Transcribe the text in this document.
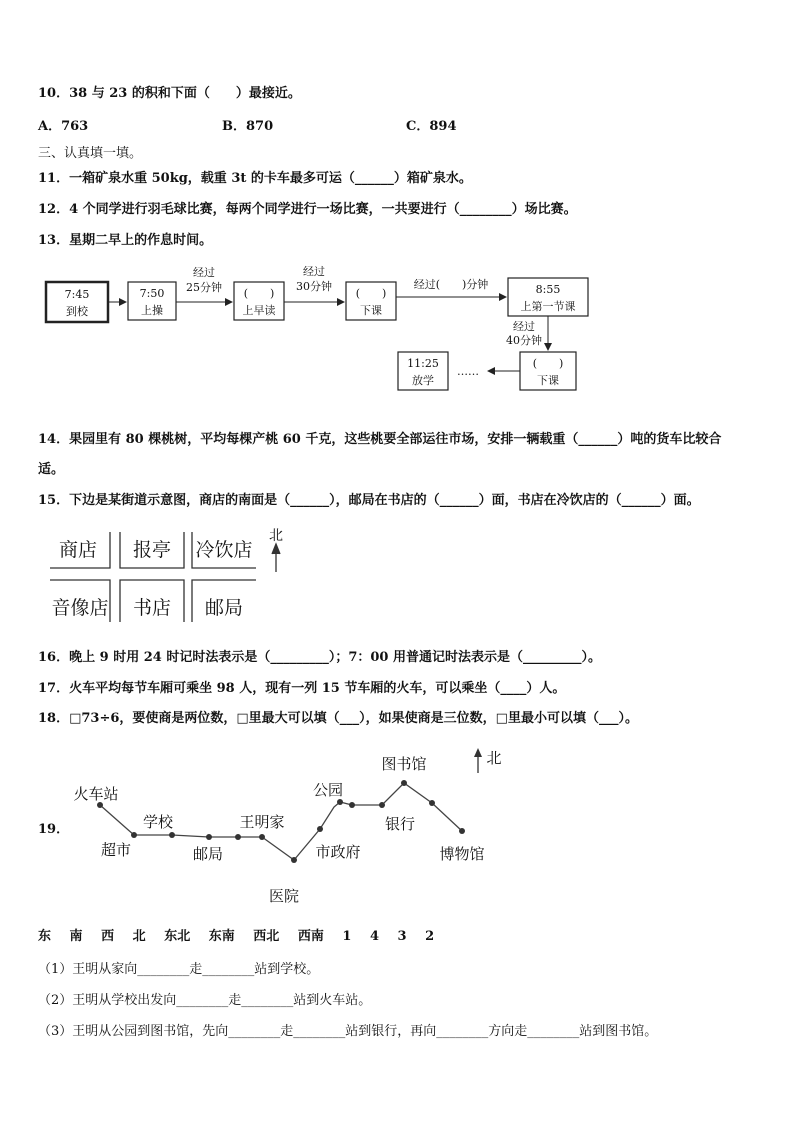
10．38 与 23 的积和下面（　　）最接近。
A．763	B．870	C．894
三、认真填一填。
11．一箱矿泉水重 50kg，载重 3t 的卡车最多可运（______）箱矿泉水。
12．4 个同学进行羽毛球比赛，每两个同学进行一场比赛，一共要进行（________）场比赛。
13．星期二早上的作息时间。
7:45
到校
7:50
上操
经过
25分钟 (　　)
上早读
经过
30分钟
(　　)
下课
经过(　　)分钟	8:55
上第一节课
经过
40分钟
(　　)
下课
……
11:25
放学
14．果园里有 80 棵桃树，平均每棵产桃 60 千克，这些桃要全部运往市场，安排一辆载重（______）吨的货车比较合
适。
15．下边是某街道示意图，商店的南面是（______），邮局在书店的（______）面，书店在冷饮店的（______）面。
商店 报亭 冷饮店
音像店 书店 邮局
北
16．晚上 9 时用 24 时记时法表示是（_________）；7：00 用普通记时法表示是（_________）。
17．火车平均每节车厢可乘坐 98 人，现有一列 15 节车厢的火车，可以乘坐（____）人。
18．□73÷6，要使商是两位数，□里最大可以填（___），如果使商是三位数，□里最小可以填（___）。
19．
北
火车站
学校
超市	邮局
王明家
医院
市政府
公园
银行
图书馆
博物馆
东 南 西 北 东北 东南 西北 西南 1 4 3 2
（1）王明从家向________走________站到学校。
（2）王明从学校出发向________走________站到火车站。
（3）王明从公园到图书馆，先向________走________站到银行，再向________方向走________站到图书馆。
